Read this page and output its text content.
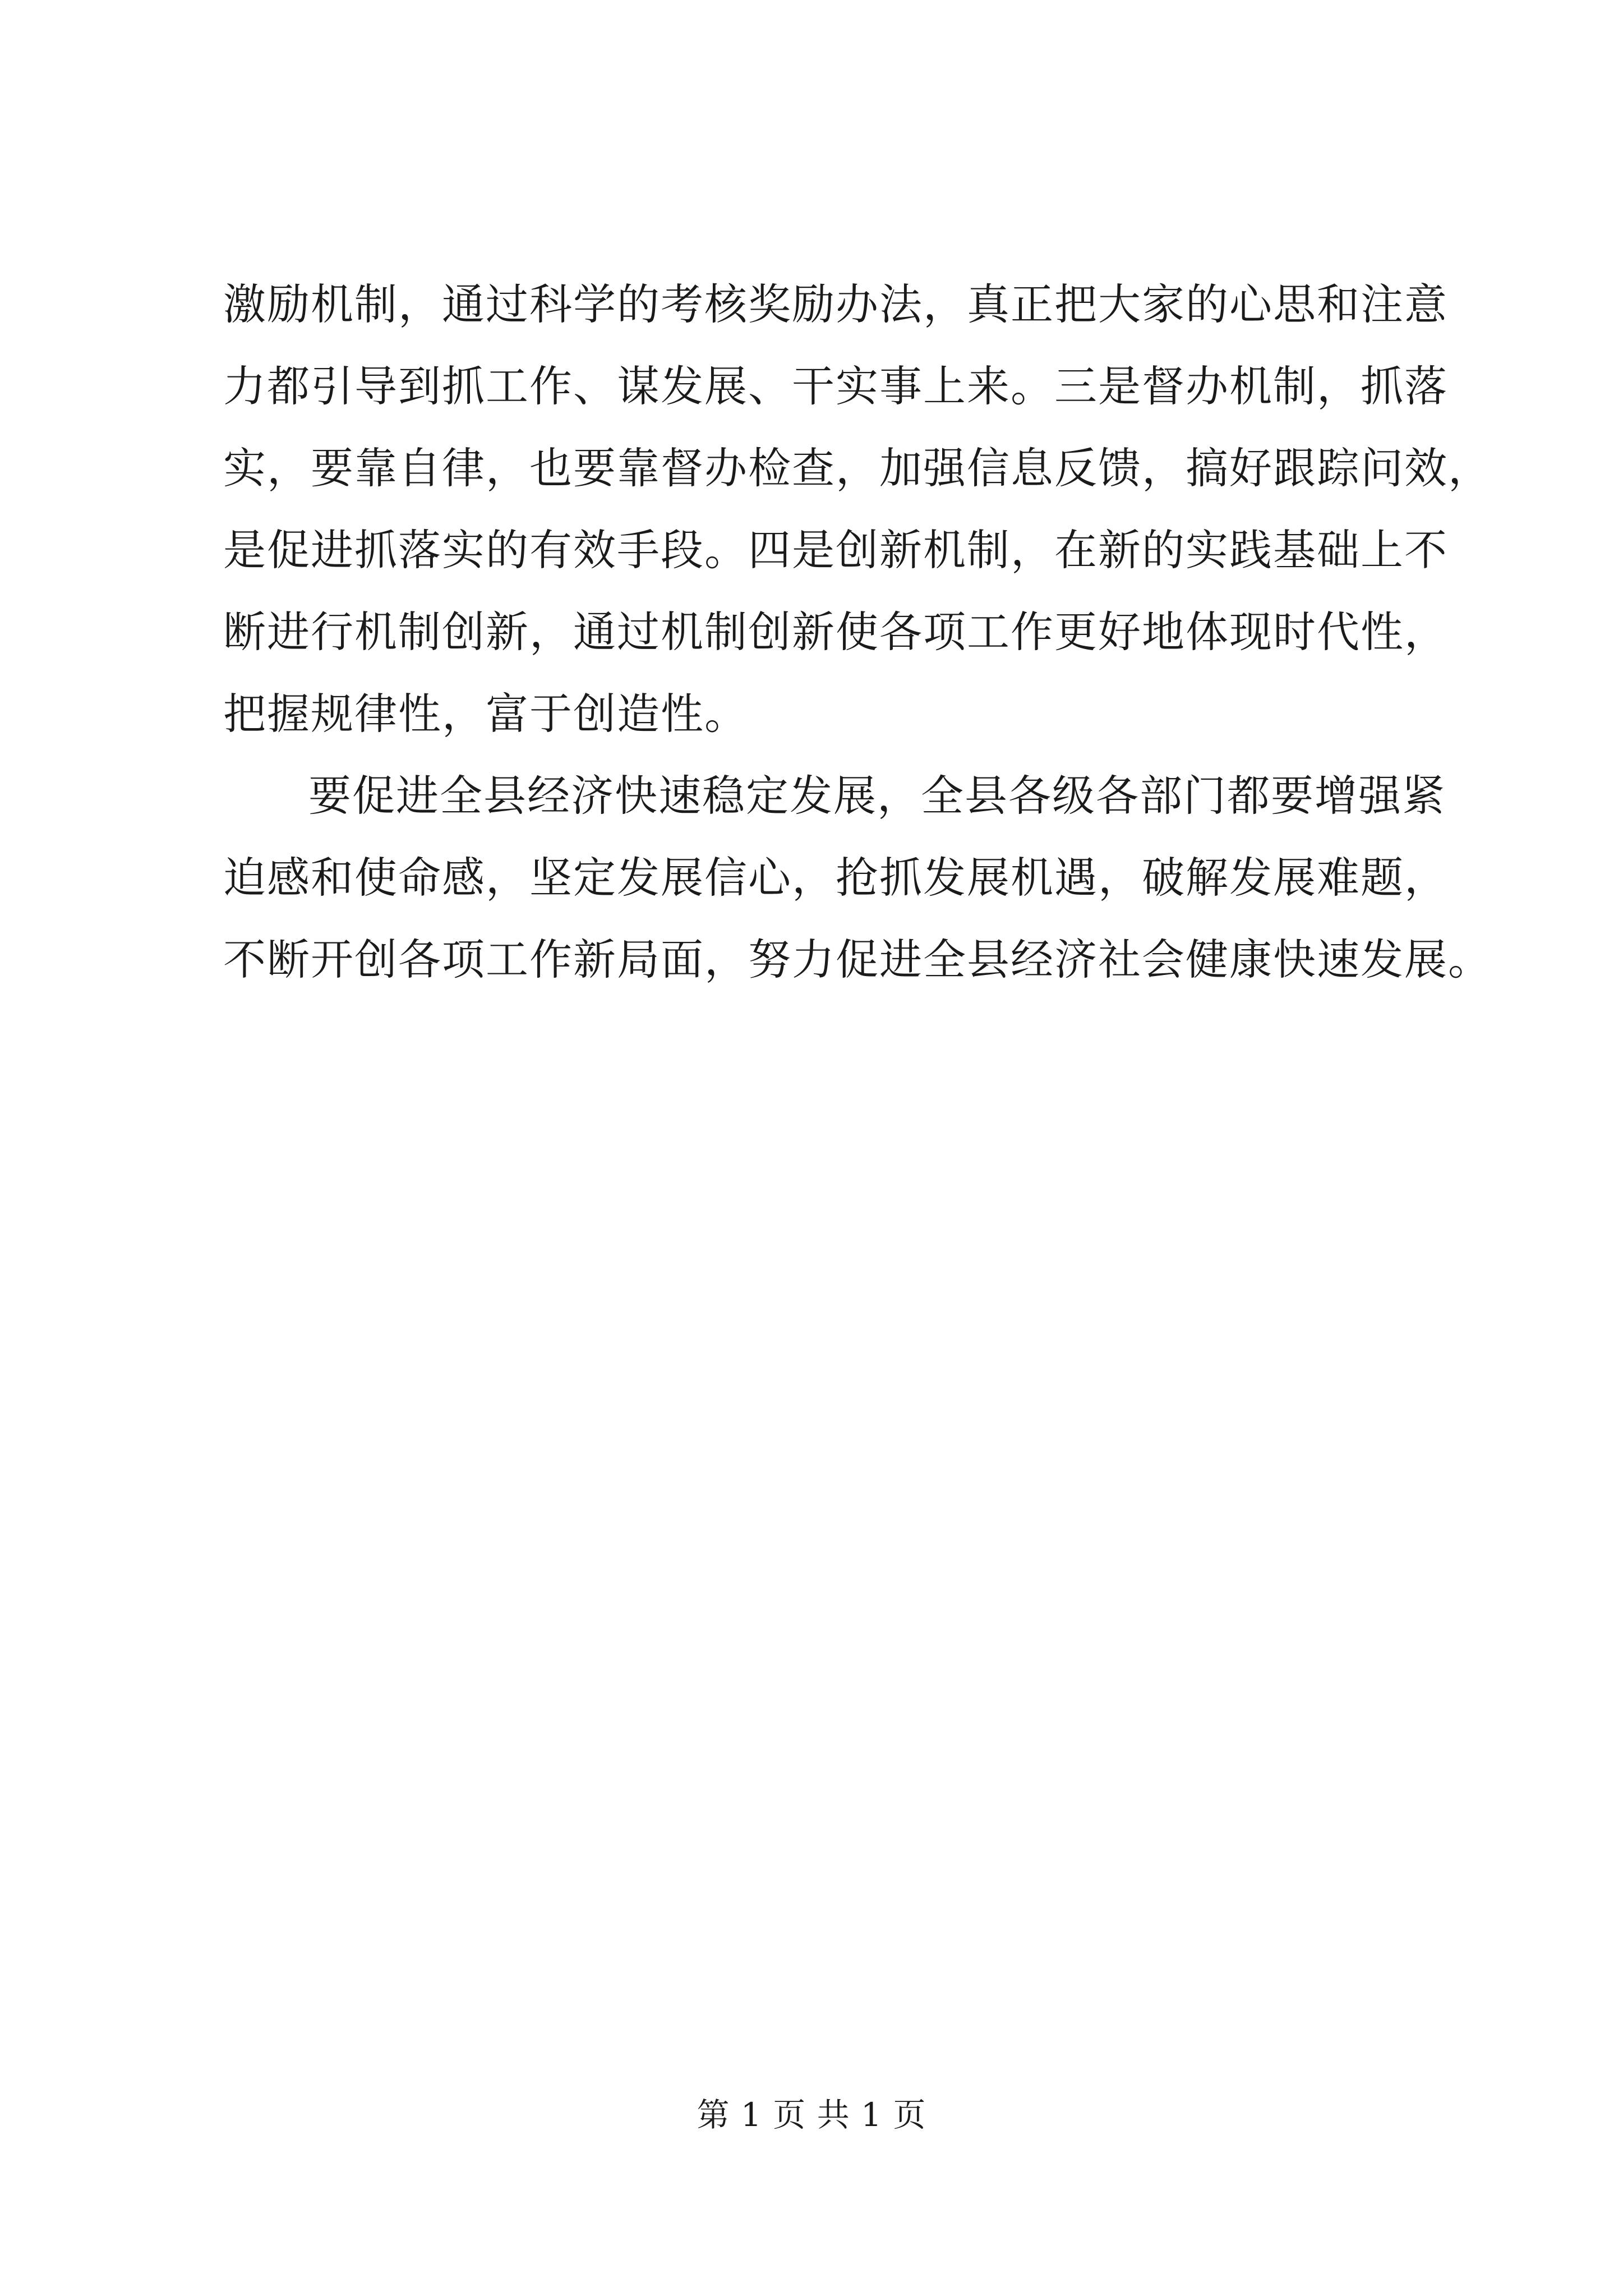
激励机制，通过科学的考核奖励办法，真正把大家的心思和注意
力都引导到抓工作、谋发展、干实事上来。三是督办机制，抓落
实，要靠自律，也要靠督办检查，加强信息反馈，搞好跟踪问效，
是促进抓落实的有效手段。四是创新机制，在新的实践基础上不
断进行机制创新，通过机制创新使各项工作更好地体现时代性，
把握规律性，富于创造性。
要促进全县经济快速稳定发展，全县各级各部门都要增强紧
迫感和使命感，坚定发展信心，抢抓发展机遇，破解发展难题，
不断开创各项工作新局面，努力促进全县经济社会健康快速发展。
第 1 页 共 1 页
